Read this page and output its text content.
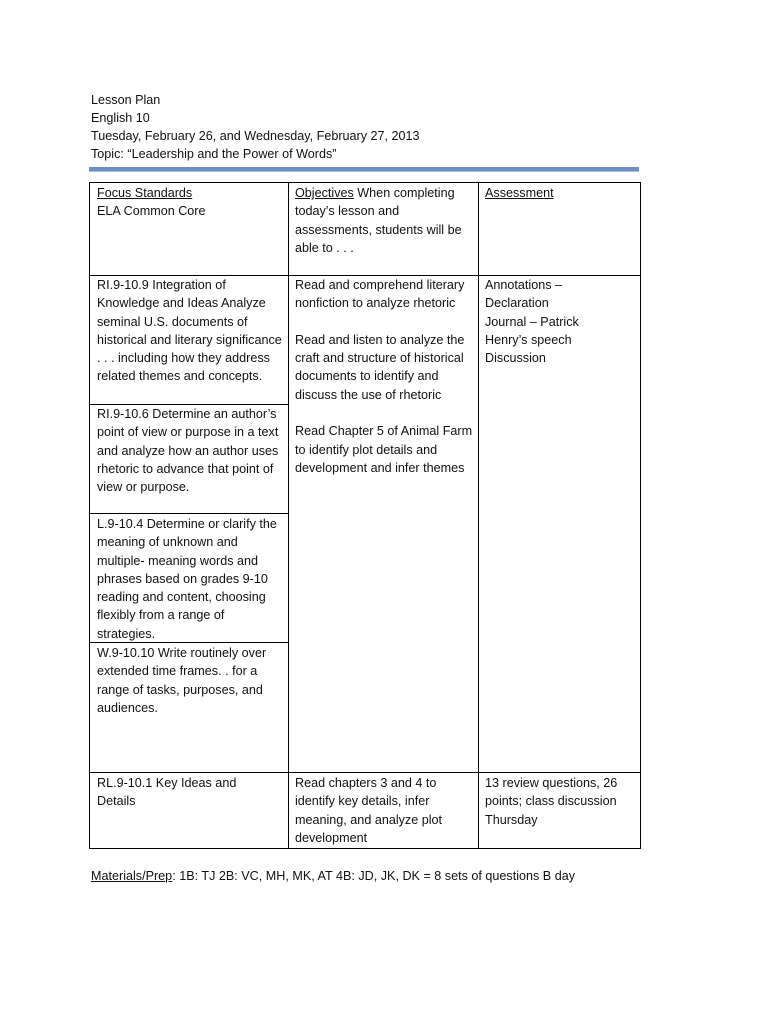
Lesson Plan
English 10
Tuesday, February 26, and Wednesday, February 27, 2013
Topic: “Leadership and the Power of Words”
Focus Standards
ELA Common Core
Objectives When completing today’s lesson and assessments, students will be able to . . .
Assessment
RI.9-10.9 Integration of Knowledge and Ideas Analyze seminal U.S. documents of historical and literary significance . . . including how they address related themes and concepts.
RI.9-10.6 Determine an author’s point of view or purpose in a text and analyze how an author uses rhetoric to advance that point of view or purpose.
L.9-10.4 Determine or clarify the meaning of unknown and multiple- meaning words and phrases based on grades 9-10 reading and content, choosing flexibly from a range of strategies.
W.9-10.10 Write routinely over extended time frames. . for a range of tasks, purposes, and audiences.
Read and comprehend literary nonfiction to analyze rhetoric
Read and listen to analyze the craft and structure of historical documents to identify and discuss the use of rhetoric
Read Chapter 5 of Animal Farm to identify plot details and development and infer themes
Annotations –
Declaration
Journal – Patrick Henry’s speech
Discussion
RL.9-10.1 Key Ideas and Details
Read chapters 3 and 4 to identify key details, infer meaning, and analyze plot development
13 review questions, 26 points; class discussion Thursday
Materials/Prep: 1B: TJ 2B: VC, MH, MK, AT 4B: JD, JK, DK = 8 sets of questions B day
